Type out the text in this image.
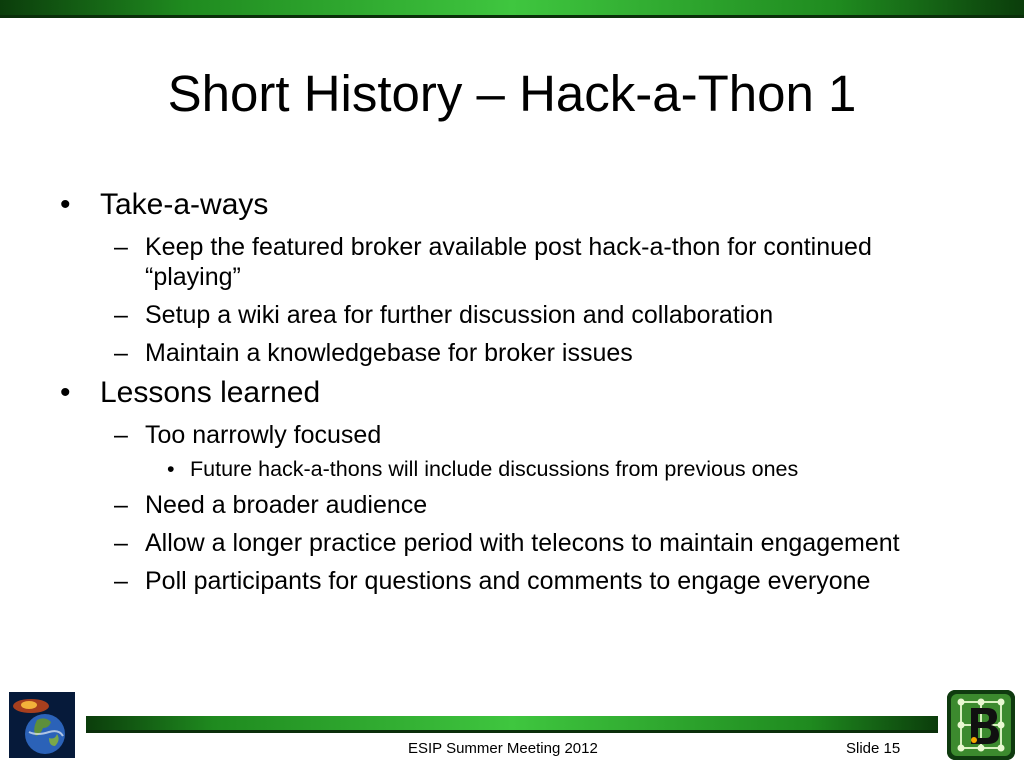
Short History – Hack-a-Thon 1
• Take-a-ways
– Keep the featured broker available post hack-a-thon for continued “playing”
– Setup a wiki area for further discussion and collaboration
– Maintain a knowledgebase for broker issues
• Lessons learned
– Too narrowly focused
• Future hack-a-thons will include discussions from previous ones
– Need a broader audience
– Allow a longer practice period with telecons to maintain engagement
– Poll participants for questions and comments to engage everyone
ESIP Summer Meeting 2012	Slide 15
